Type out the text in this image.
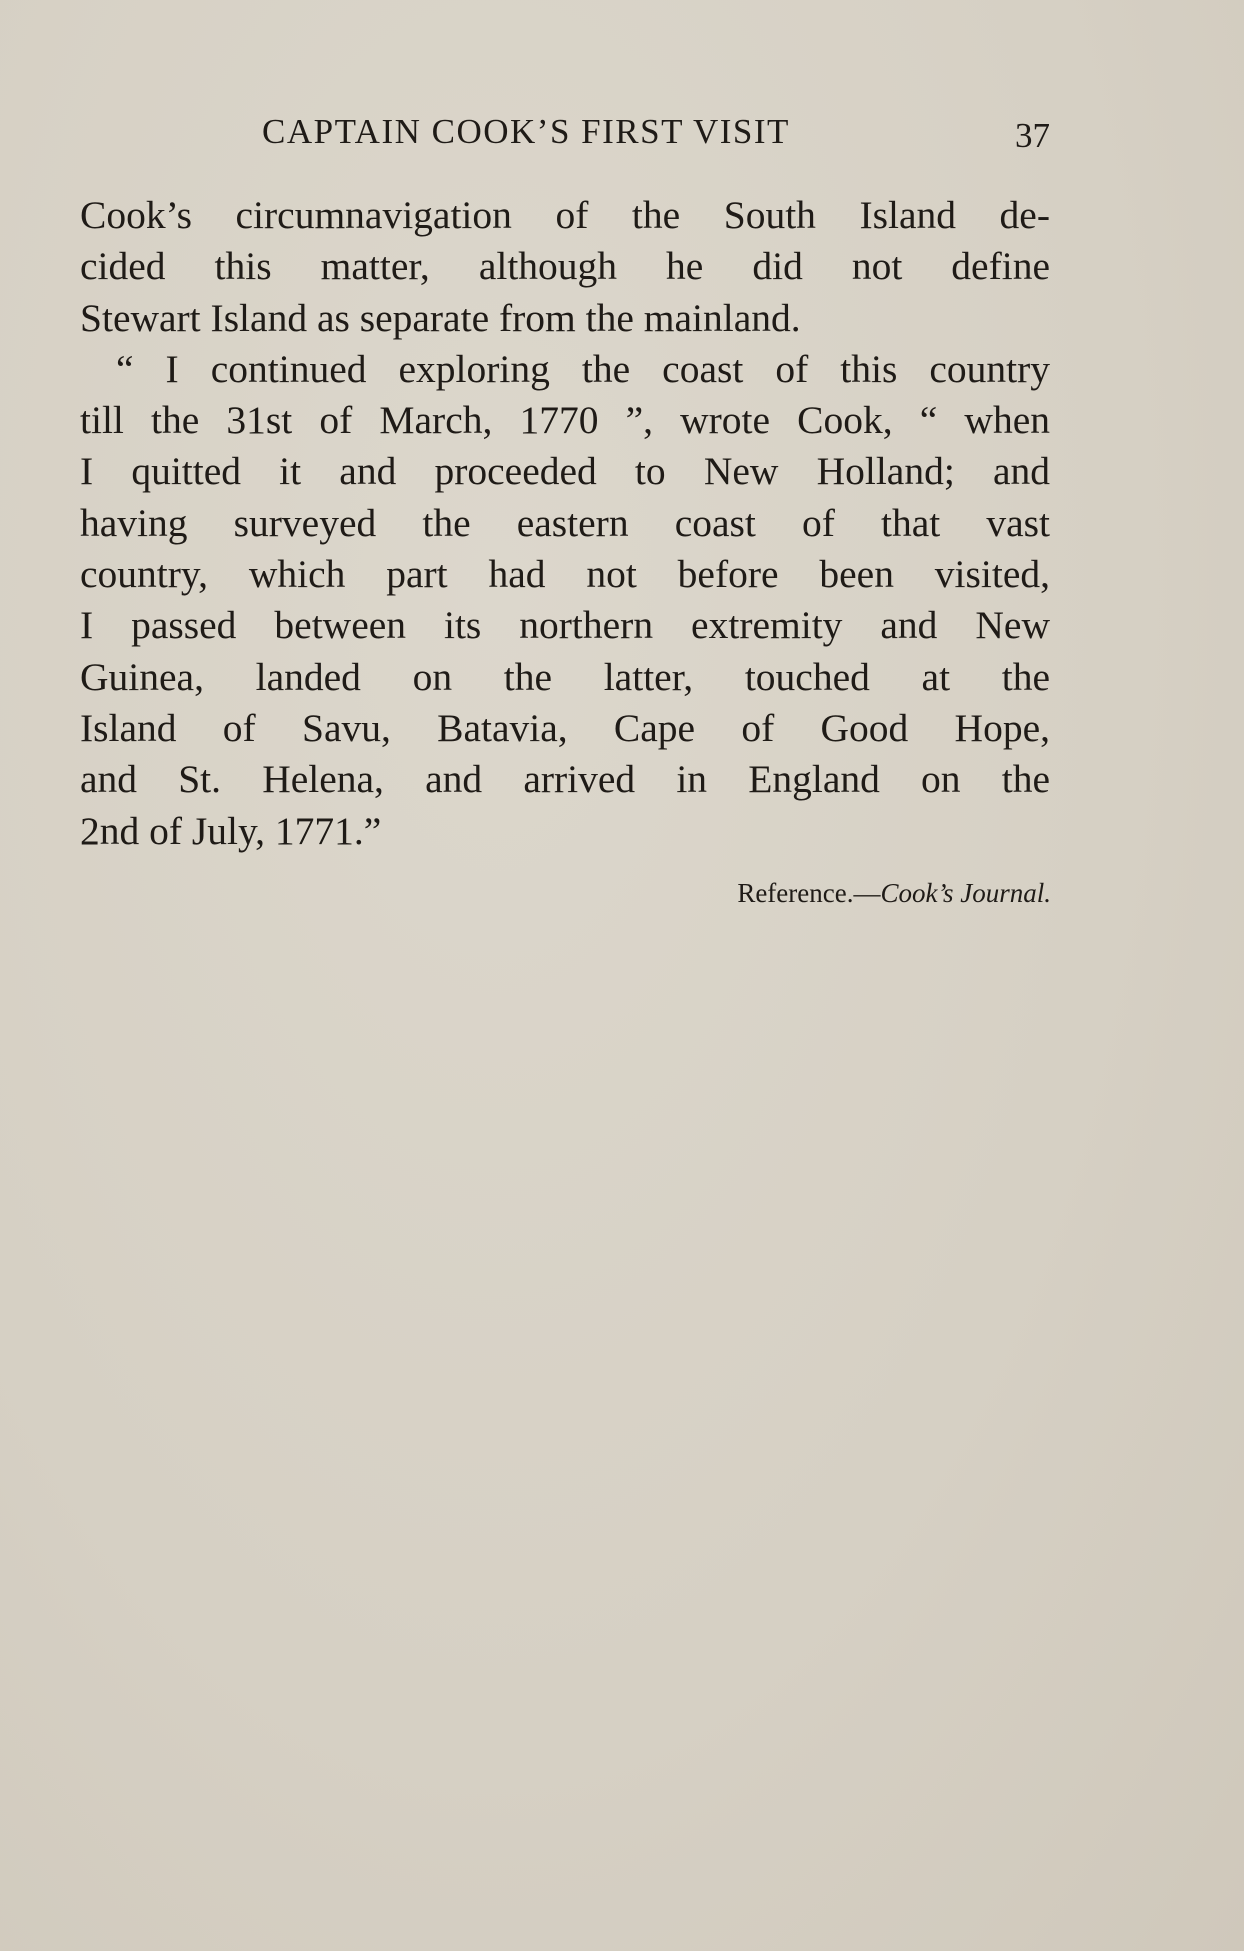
CAPTAIN COOK’S FIRST VISIT	37
Cook’s circumnavigation of the South Island de-
cided this matter, although he did not define
Stewart Island as separate from the mainland.
“ I continued exploring the coast of this country
till the 31st of March, 1770 ”, wrote Cook, “ when
I quitted it and proceeded to New Holland; and
having surveyed the eastern coast of that vast
country, which part had not before been visited,
I passed between its northern extremity and New
Guinea, landed on the latter, touched at the
Island of Savu, Batavia, Cape of Good Hope,
and St. Helena, and arrived in England on the
2nd of July, 1771.”
Reference.—Cook’s Journal.
